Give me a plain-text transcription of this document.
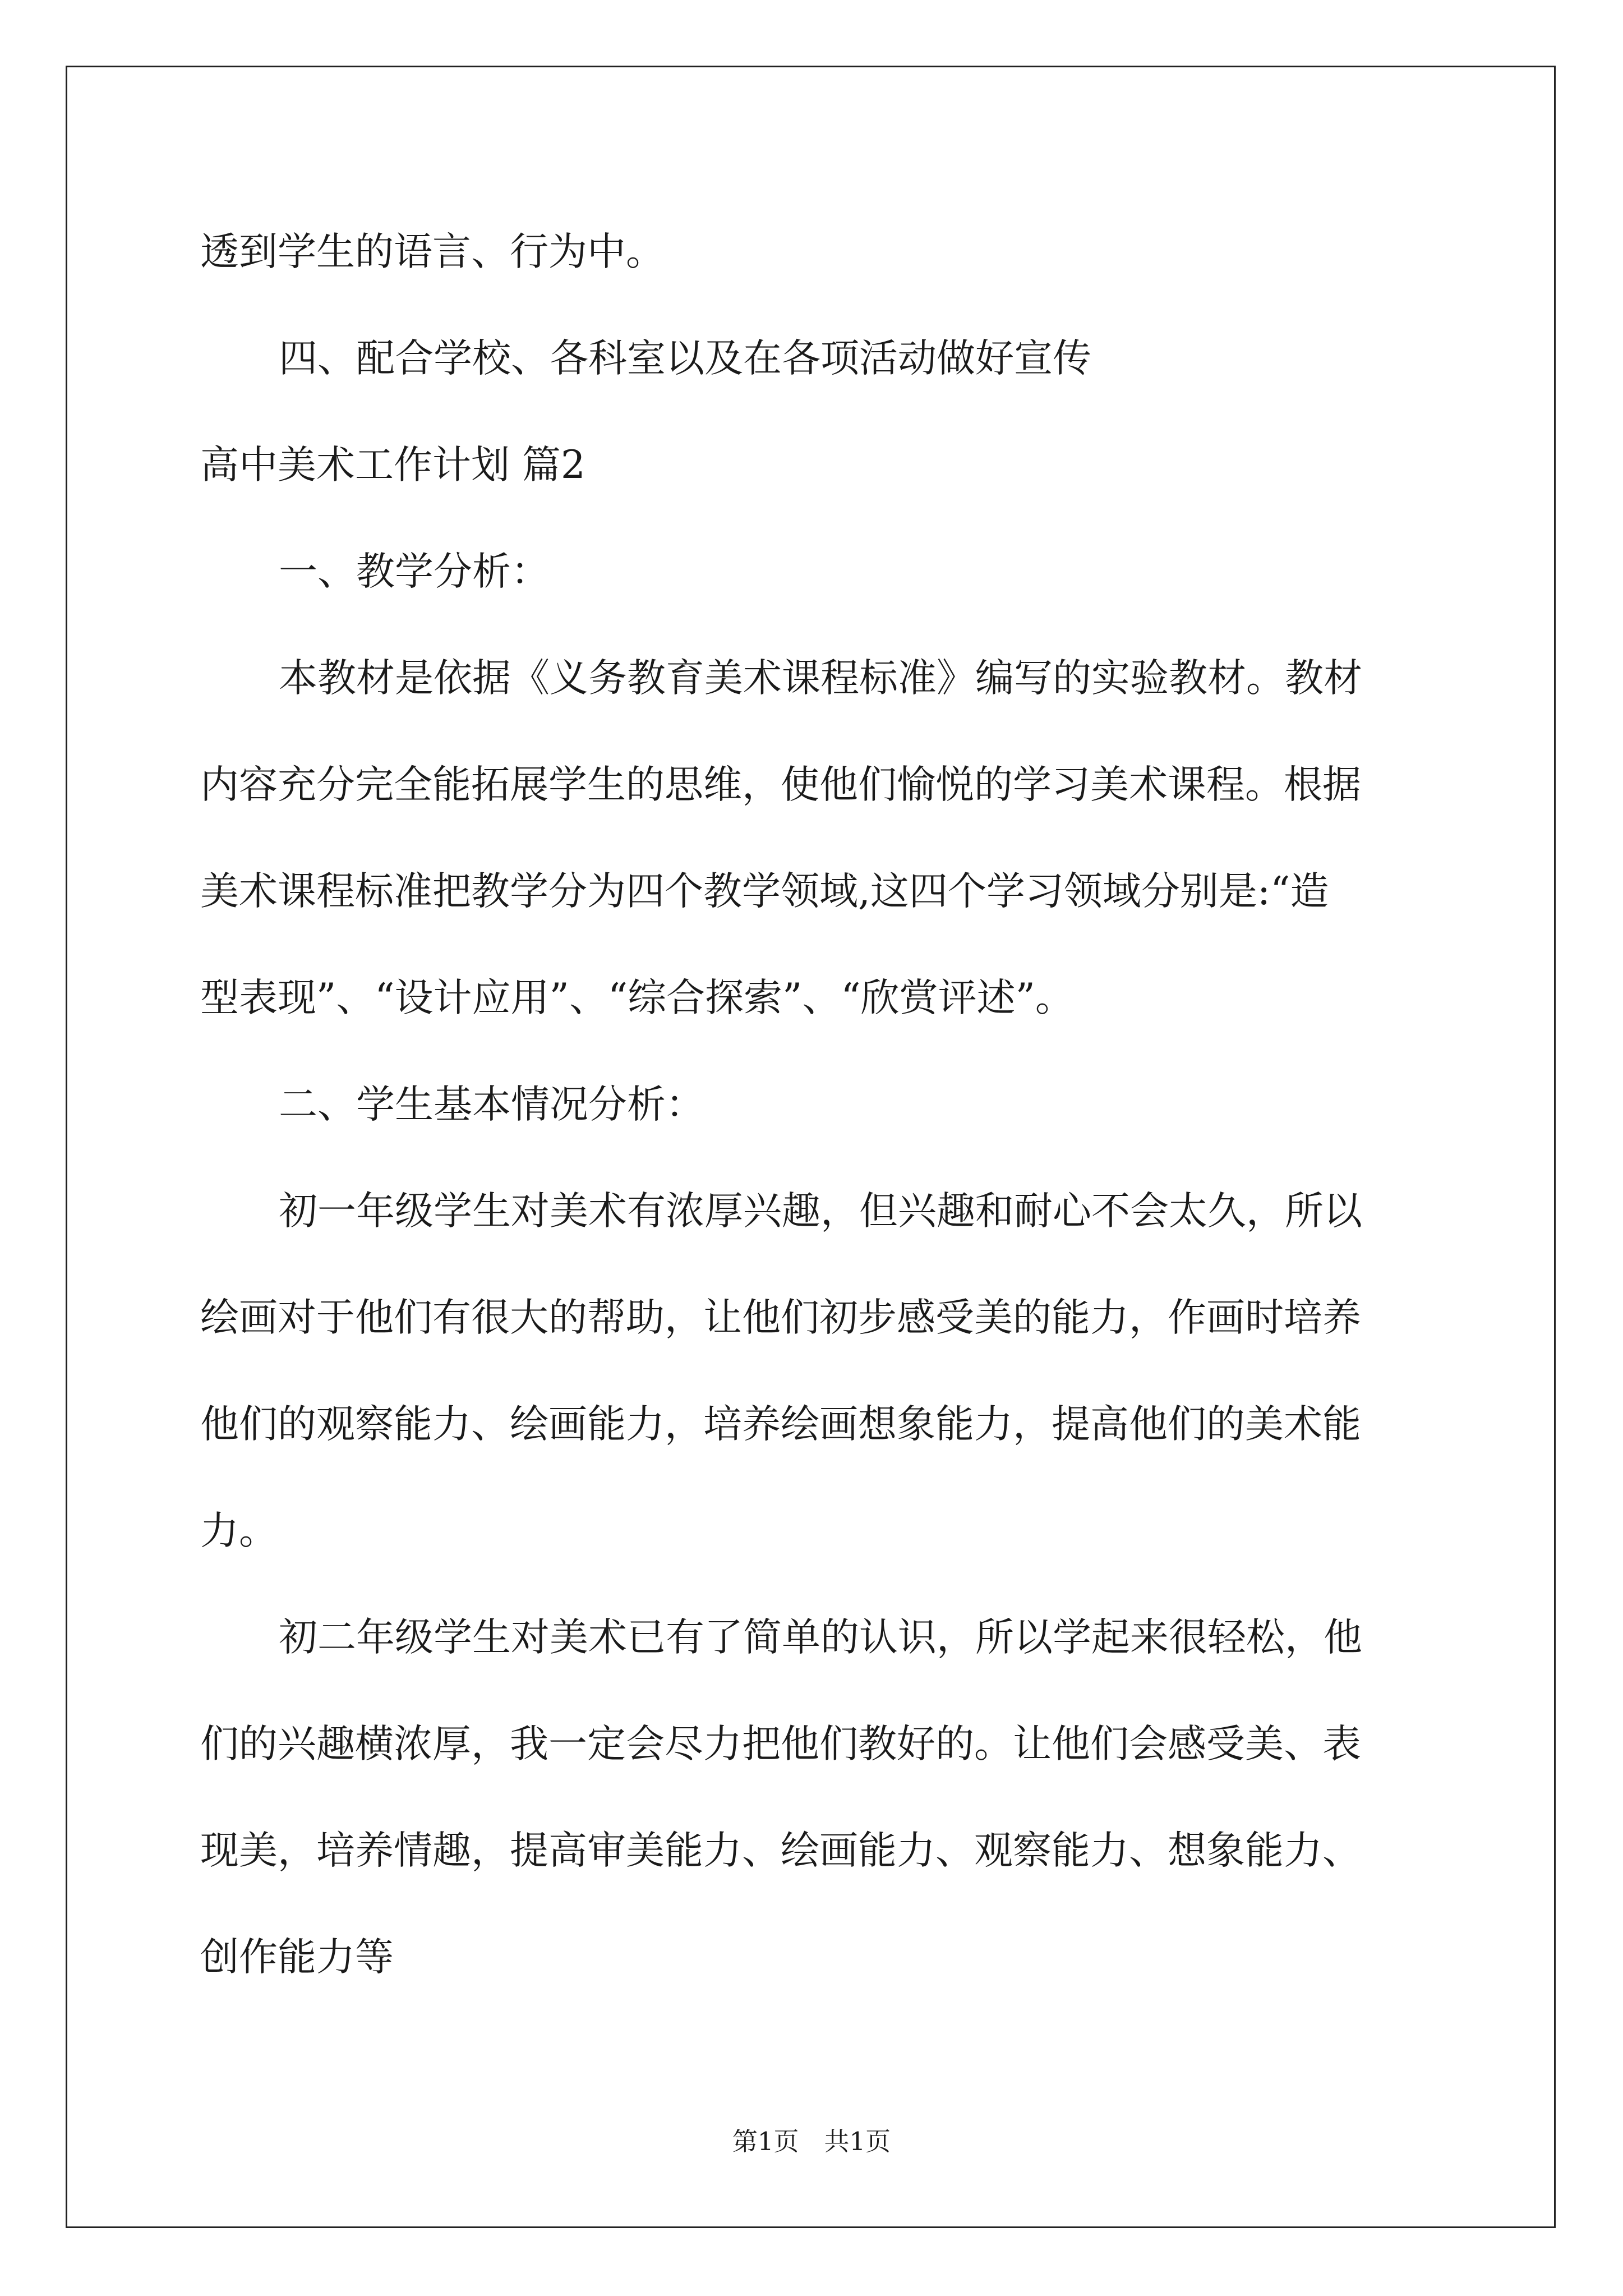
透到学生的语言、行为中。
四、配合学校、各科室以及在各项活动做好宣传
高中美术工作计划 篇2
一、教学分析：
本教材是依据《义务教育美术课程标准》编写的实验教材。教材
内容充分完全能拓展学生的思维，使他们愉悦的学习美术课程。根据
美术课程标准把教学分为四个教学领域,这四个学习领域分别是:“造
型表现”、“设计应用”、“综合探索”、“欣赏评述”。
二、学生基本情况分析：
初一年级学生对美术有浓厚兴趣，但兴趣和耐心不会太久，所以
绘画对于他们有很大的帮助，让他们初步感受美的能力，作画时培养
他们的观察能力、绘画能力，培养绘画想象能力，提高他们的美术能
力。
初二年级学生对美术已有了简单的认识，所以学起来很轻松，他
们的兴趣横浓厚，我一定会尽力把他们教好的。让他们会感受美、表
现美，培养情趣，提高审美能力、绘画能力、观察能力、想象能力、
创作能力等
第1页　共1页
